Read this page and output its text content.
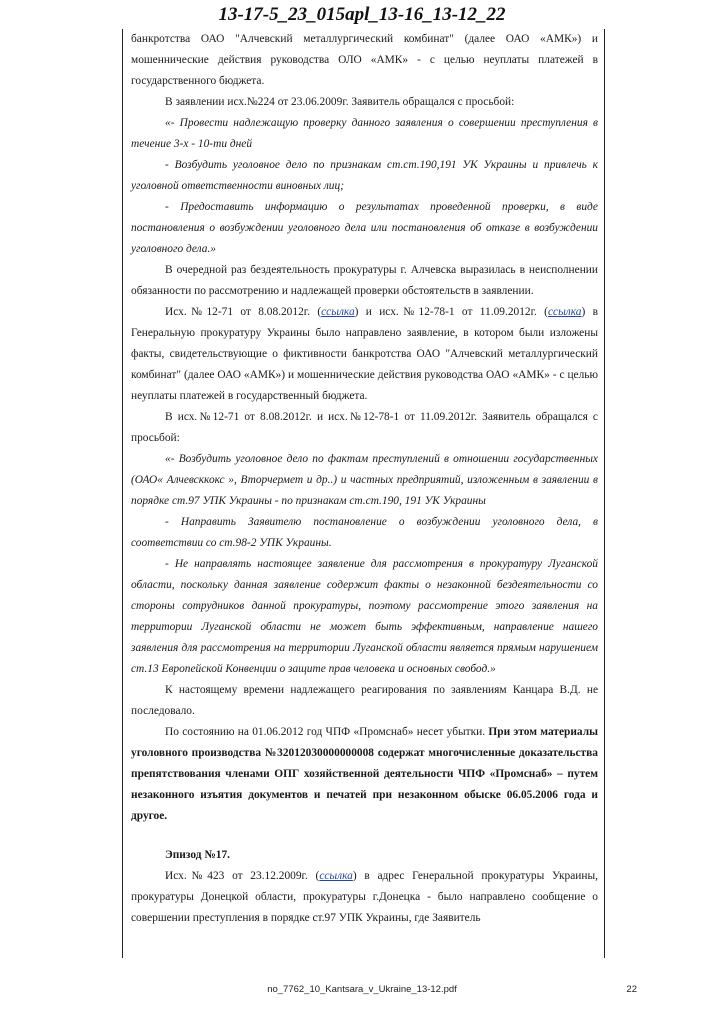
13-17-5_23_015apl_13-16_13-12_22

банкротства ОАО "Алчевский металлургический комбинат" (далее ОАО «АМК») и мошеннические действия руководства ОЛО «АМК» - с целью неуплаты платежей в государственного бюджета.

В заявлении исх.№224 от 23.06.2009г. Заявитель обращался с просьбой:

«- Провести надлежащую проверку данного заявления о совершении преступления в течение 3-х - 10-ти дней

- Возбудить уголовное дело по признакам ст.ст.190,191 УК Украины и привлечь к уголовной ответственности виновных лиц;

- Предоставить информацию о результатах проведенной проверки, в виде постановления о возбуждении уголовного дела или постановления об отказе в возбуждении уголовного дела.»

В очередной раз бездеятельность прокуратуры г. Алчевска выразилась в неисполнении обязанности по рассмотрению и надлежащей проверки обстоятельств в заявлении.

Исх.№12-71 от 8.08.2012г. (ссылка) и исх.№12-78-1 от 11.09.2012г. (ссылка) в Генеральную прокуратуру Украины было направлено заявление, в котором были изложены факты, свидетельствующие о фиктивности банкротства ОАО "Алчевский металлургический комбинат" (далее ОАО «АМК») и мошеннические действия руководства ОАО «АМК» - с целью неуплаты платежей в государственный бюджета.

В исх.№12-71 от 8.08.2012г. и исх.№12-78-1 от 11.09.2012г. Заявитель обращался с просьбой:

«- Возбудить уголовное дело по фактам преступлений в отношении государственных (ОАО« Алчевсккокс », Вторчермет и др..) и частных предприятий, изложенным в заявлении в порядке ст.97 УПК Украины - по признакам ст.ст.190, 191 УК Украины

- Направить Заявителю постановление о возбуждении уголовного дела, в соответствии со ст.98-2 УПК Украины.

- Не направлять настоящее заявление для рассмотрения в прокуратуру Луганской области, поскольку данная заявление содержит факты о незаконной бездеятельности со стороны сотрудников данной прокуратуры, поэтому рассмотрение этого заявления на территории Луганской области не может быть эффективным, направление нашего заявления для рассмотрения на территории Луганской области является прямым нарушением ст.13 Европейской Конвенции о защите прав человека и основных свобод.»

К настоящему времени надлежащего реагирования по заявлениям Канцара В.Д. не последовало.

По состоянию на 01.06.2012 год ЧПФ «Промснаб» несет убытки. При этом материалы уголовного производства №32012030000000008 содержат многочисленные доказательства препятствования членами ОПГ хозяйственной деятельности ЧПФ «Промснаб» – путем незаконного изъятия документов и печатей при незаконном обыске 06.05.2006 года и другое.

Эпизод №17.

Исх.№423 от 23.12.2009г. (ссылка) в адрес Генеральной прокуратуры Украины, прокуратуры Донецкой области, прокуратуры г.Донецка - было направлено сообщение о совершении преступления в порядке ст.97 УПК Украины, где Заявитель

no_7762_10_Kantsara_v_Ukraine_13-12.pdf	22
